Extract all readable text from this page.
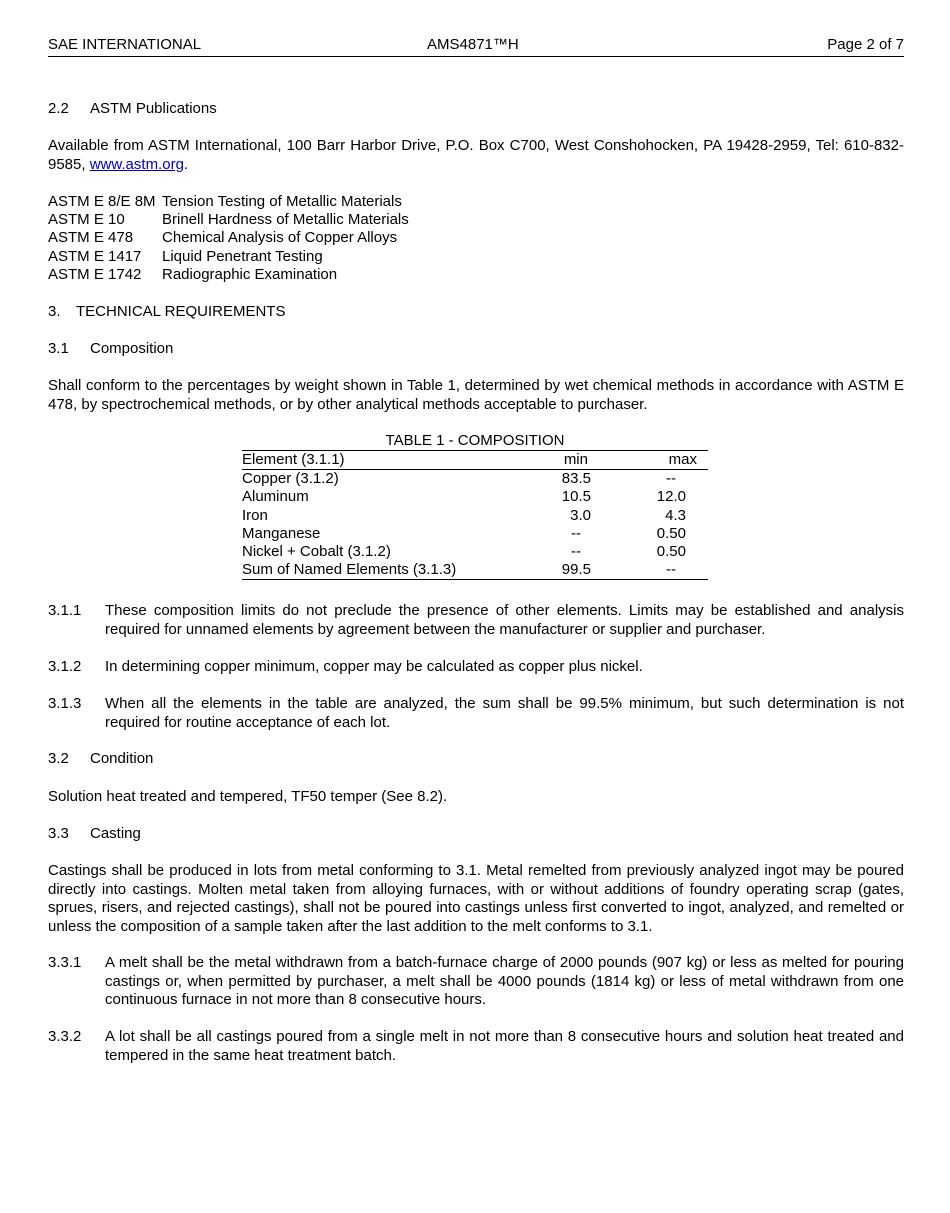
SAE INTERNATIONAL	AMS4871™H	Page 2 of 7
2.2 ASTM Publications

Available from ASTM International, 100 Barr Harbor Drive, P.O. Box C700, West Conshohocken, PA 19428-2959, Tel: 610-832-9585, www.astm.org.

ASTM E 8/E 8M Tension Testing of Metallic Materials
ASTM E 10 Brinell Hardness of Metallic Materials
ASTM E 478 Chemical Analysis of Copper Alloys
ASTM E 1417 Liquid Penetrant Testing
ASTM E 1742 Radiographic Examination
3. TECHNICAL REQUIREMENTS
3.1 Composition

Shall conform to the percentages by weight shown in Table 1, determined by wet chemical methods in accordance with ASTM E 478, by spectrochemical methods, or by other analytical methods acceptable to purchaser.

TABLE 1 - COMPOSITION
Element (3.1.1)	min	max
Copper (3.1.2)	83.5	--
Aluminum	10.5	12.0
Iron	3.0	4.3
Manganese	--	0.50
Nickel + Cobalt (3.1.2)	--	0.50
Sum of Named Elements (3.1.3)	99.5	--
3.1.1 These composition limits do not preclude the presence of other elements. Limits may be established and analysis required for unnamed elements by agreement between the manufacturer or supplier and purchaser.

3.1.2 In determining copper minimum, copper may be calculated as copper plus nickel.

3.1.3 When all the elements in the table are analyzed, the sum shall be 99.5% minimum, but such determination is not required for routine acceptance of each lot.

3.2 Condition

Solution heat treated and tempered, TF50 temper (See 8.2).

3.3 Casting

Castings shall be produced in lots from metal conforming to 3.1. Metal remelted from previously analyzed ingot may be poured directly into castings. Molten metal taken from alloying furnaces, with or without additions of foundry operating scrap (gates, sprues, risers, and rejected castings), shall not be poured into castings unless first converted to ingot, analyzed, and remelted or unless the composition of a sample taken after the last addition to the melt conforms to 3.1.

3.3.1 A melt shall be the metal withdrawn from a batch-furnace charge of 2000 pounds (907 kg) or less as melted for pouring castings or, when permitted by purchaser, a melt shall be 4000 pounds (1814 kg) or less of metal withdrawn from one continuous furnace in not more than 8 consecutive hours.

3.3.2 A lot shall be all castings poured from a single melt in not more than 8 consecutive hours and solution heat treated and tempered in the same heat treatment batch.
